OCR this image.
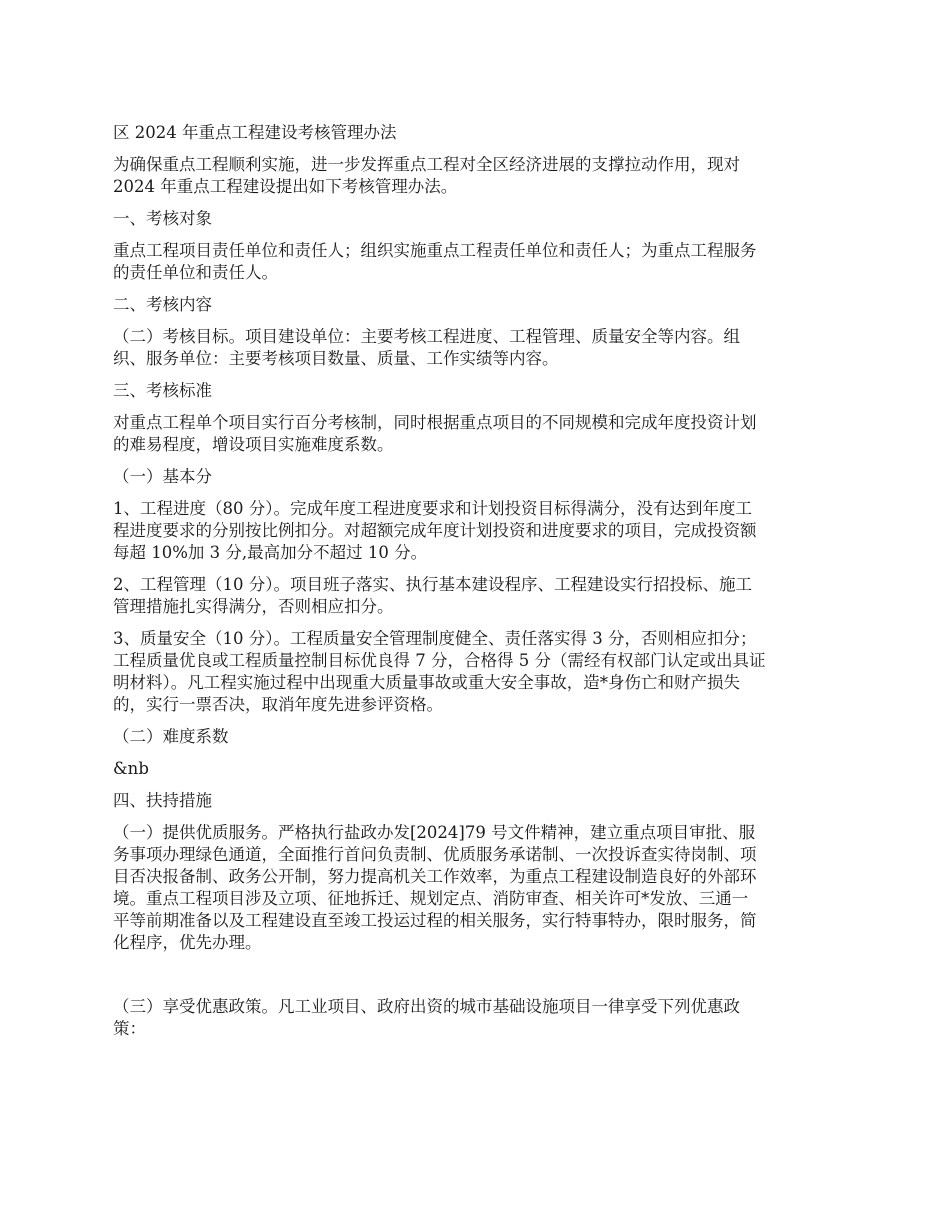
区 2024 年重点工程建设考核管理办法

为确保重点工程顺利实施，进一步发挥重点工程对全区经济进展的支撑拉动作用，现对
2024 年重点工程建设提出如下考核管理办法。

一、考核对象

重点工程项目责任单位和责任人；组织实施重点工程责任单位和责任人；为重点工程服务
的责任单位和责任人。

二、考核内容

（二）考核目标。项目建设单位：主要考核工程进度、工程管理、质量安全等内容。组
织、服务单位：主要考核项目数量、质量、工作实绩等内容。

三、考核标准

对重点工程单个项目实行百分考核制，同时根据重点项目的不同规模和完成年度投资计划
的难易程度，增设项目实施难度系数。

（一）基本分

1、工程进度（80 分）。完成年度工程进度要求和计划投资目标得满分，没有达到年度工
程进度要求的分别按比例扣分。对超额完成年度计划投资和进度要求的项目，完成投资额
每超 10%加 3 分,最高加分不超过 10 分。

2、工程管理（10 分）。项目班子落实、执行基本建设程序、工程建设实行招投标、施工
管理措施扎实得满分，否则相应扣分。

3、质量安全（10 分）。工程质量安全管理制度健全、责任落实得 3 分，否则相应扣分；
工程质量优良或工程质量控制目标优良得 7 分，合格得 5 分（需经有权部门认定或出具证
明材料）。凡工程实施过程中出现重大质量事故或重大安全事故，造*身伤亡和财产损失
的，实行一票否决，取消年度先进参评资格。

（二）难度系数

&nb

四、扶持措施

（一）提供优质服务。严格执行盐政办发[2024]79 号文件精神，建立重点项目审批、服
务事项办理绿色通道，全面推行首问负责制、优质服务承诺制、一次投诉查实待岗制、项
目否决报备制、政务公开制，努力提高机关工作效率，为重点工程建设制造良好的外部环
境。重点工程项目涉及立项、征地拆迁、规划定点、消防审查、相关许可*发放、三通一
平等前期准备以及工程建设直至竣工投运过程的相关服务，实行特事特办，限时服务，简
化程序，优先办理。

（三）享受优惠政策。凡工业项目、政府出资的城市基础设施项目一律享受下列优惠政
策：
